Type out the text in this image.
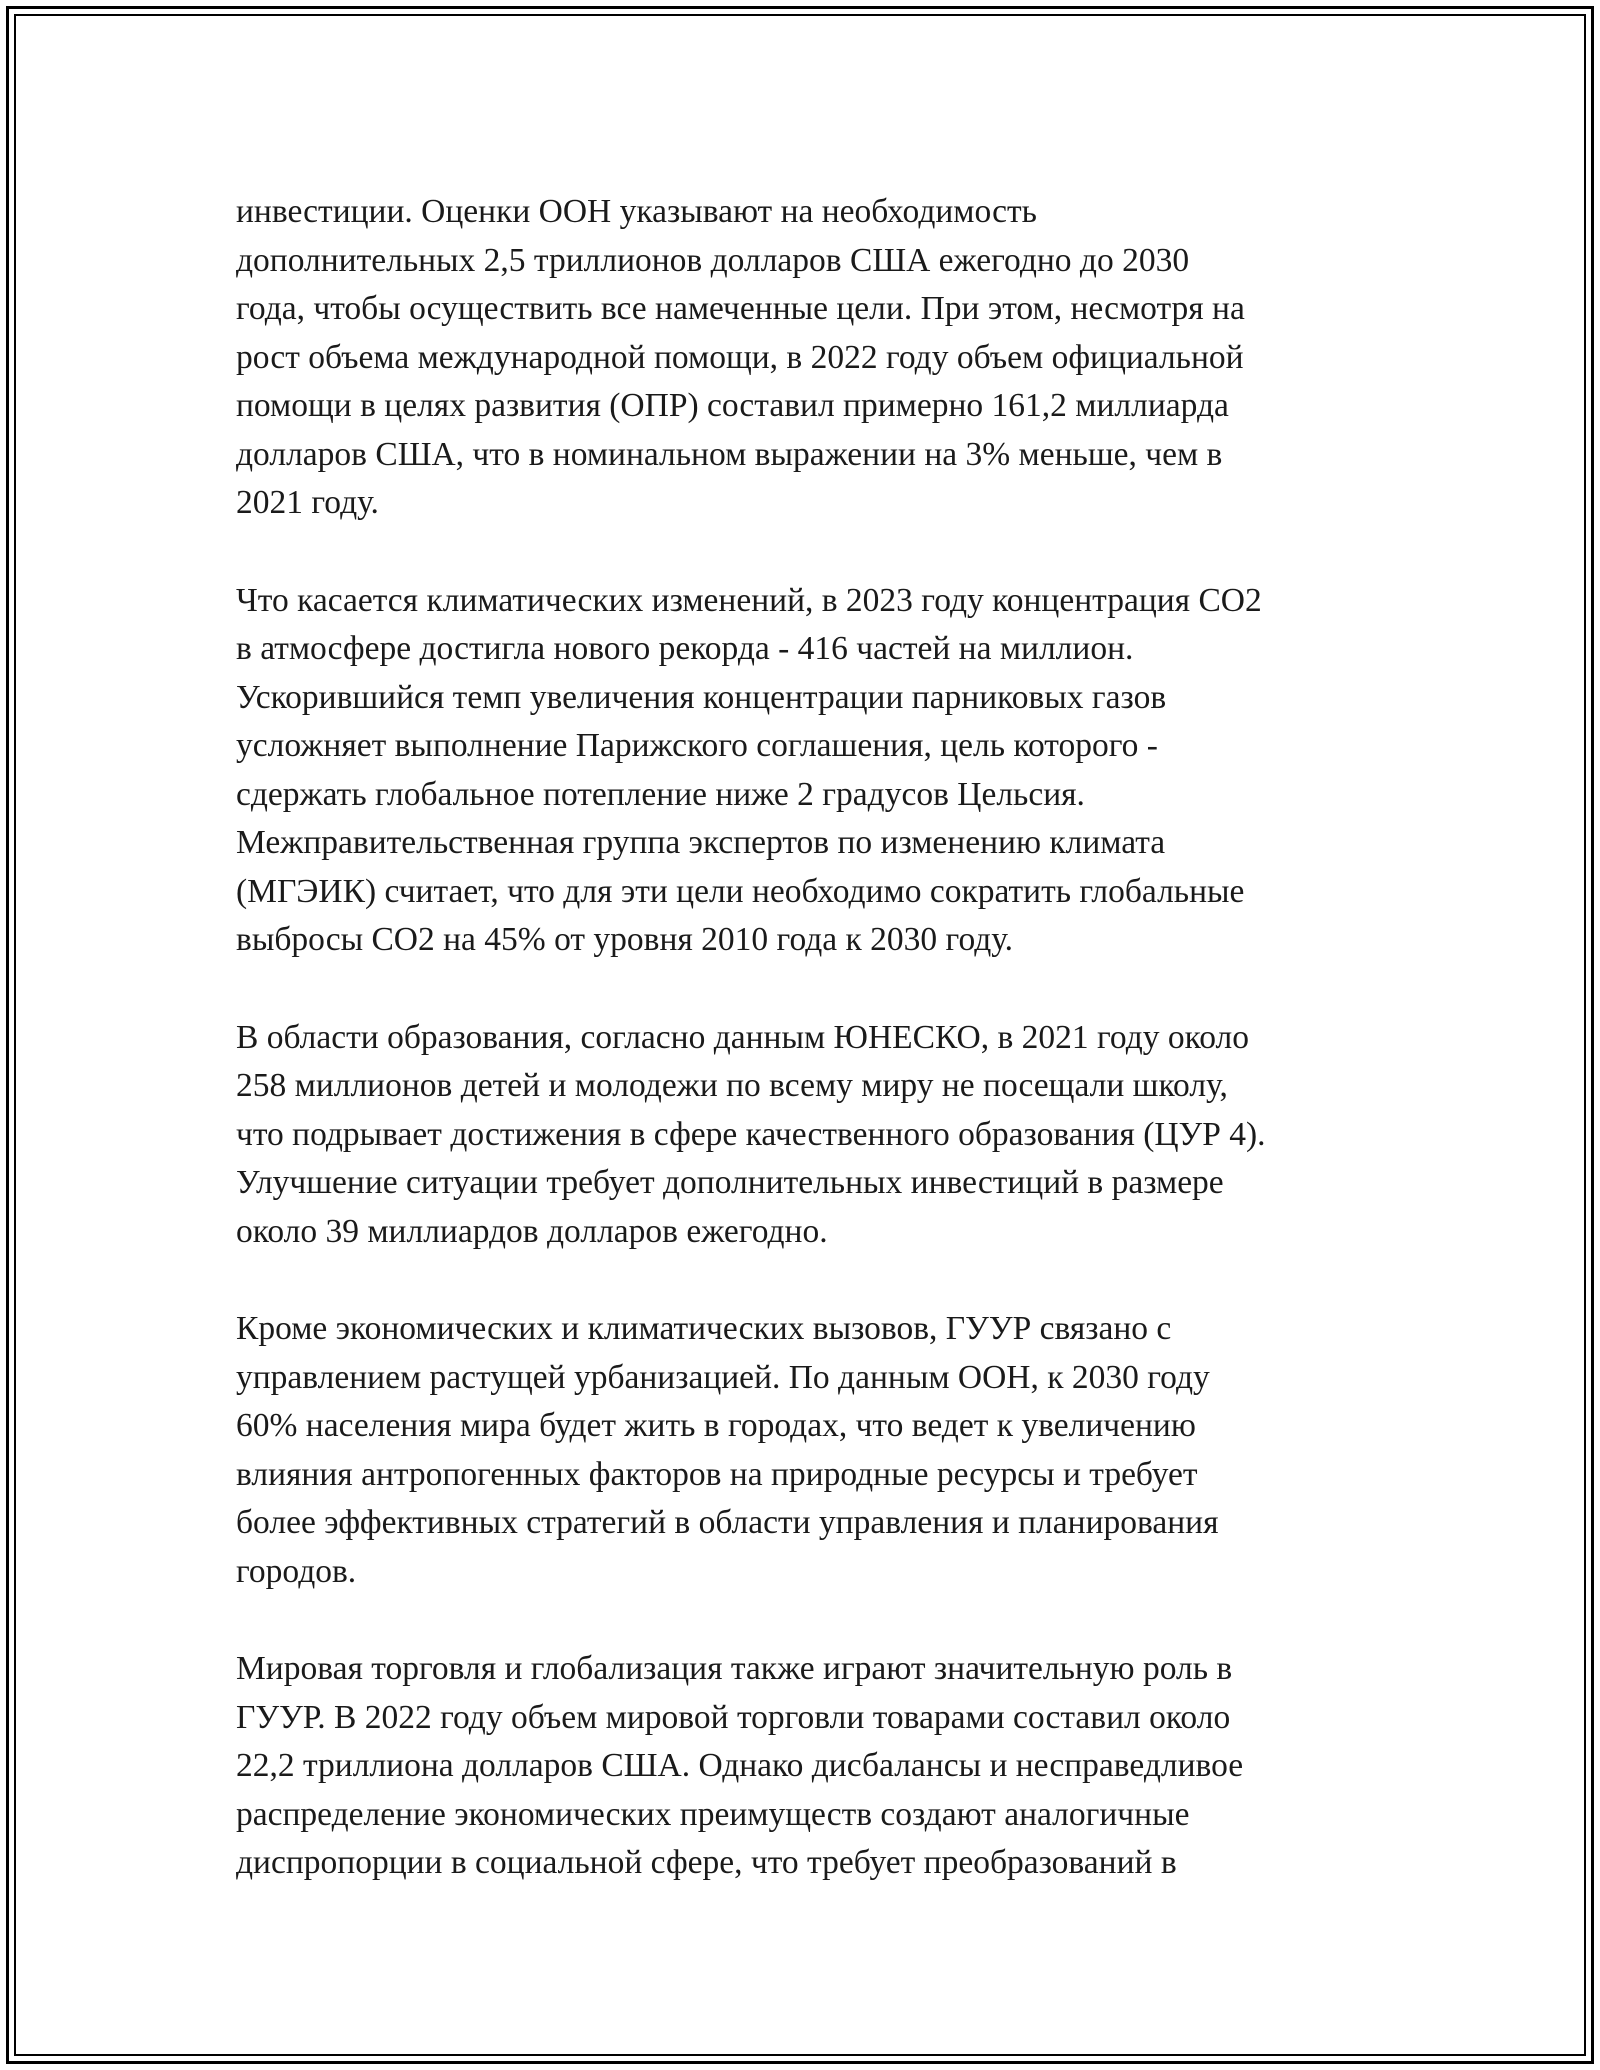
инвестиции. Оценки ООН указывают на необходимость
дополнительных 2,5 триллионов долларов США ежегодно до 2030
года, чтобы осуществить все намеченные цели. При этом, несмотря на
рост объема международной помощи, в 2022 году объем официальной
помощи в целях развития (ОПР) составил примерно 161,2 миллиарда
долларов США, что в номинальном выражении на 3% меньше, чем в
2021 году.

Что касается климатических изменений, в 2023 году концентрация СО2
в атмосфере достигла нового рекорда - 416 частей на миллион.
Ускорившийся темп увеличения концентрации парниковых газов
усложняет выполнение Парижского соглашения, цель которого -
сдержать глобальное потепление ниже 2 градусов Цельсия.
Межправительственная группа экспертов по изменению климата
(МГЭИК) считает, что для эти цели необходимо сократить глобальные
выбросы СО2 на 45% от уровня 2010 года к 2030 году.

В области образования, согласно данным ЮНЕСКО, в 2021 году около
258 миллионов детей и молодежи по всему миру не посещали школу,
что подрывает достижения в сфере качественного образования (ЦУР 4).
Улучшение ситуации требует дополнительных инвестиций в размере
около 39 миллиардов долларов ежегодно.

Кроме экономических и климатических вызовов, ГУУР связано с
управлением растущей урбанизацией. По данным ООН, к 2030 году
60% населения мира будет жить в городах, что ведет к увеличению
влияния антропогенных факторов на природные ресурсы и требует
более эффективных стратегий в области управления и планирования
городов.

Мировая торговля и глобализация также играют значительную роль в
ГУУР. В 2022 году объем мировой торговли товарами составил около
22,2 триллиона долларов США. Однако дисбалансы и несправедливое
распределение экономических преимуществ создают аналогичные
диспропорции в социальной сфере, что требует преобразований в
